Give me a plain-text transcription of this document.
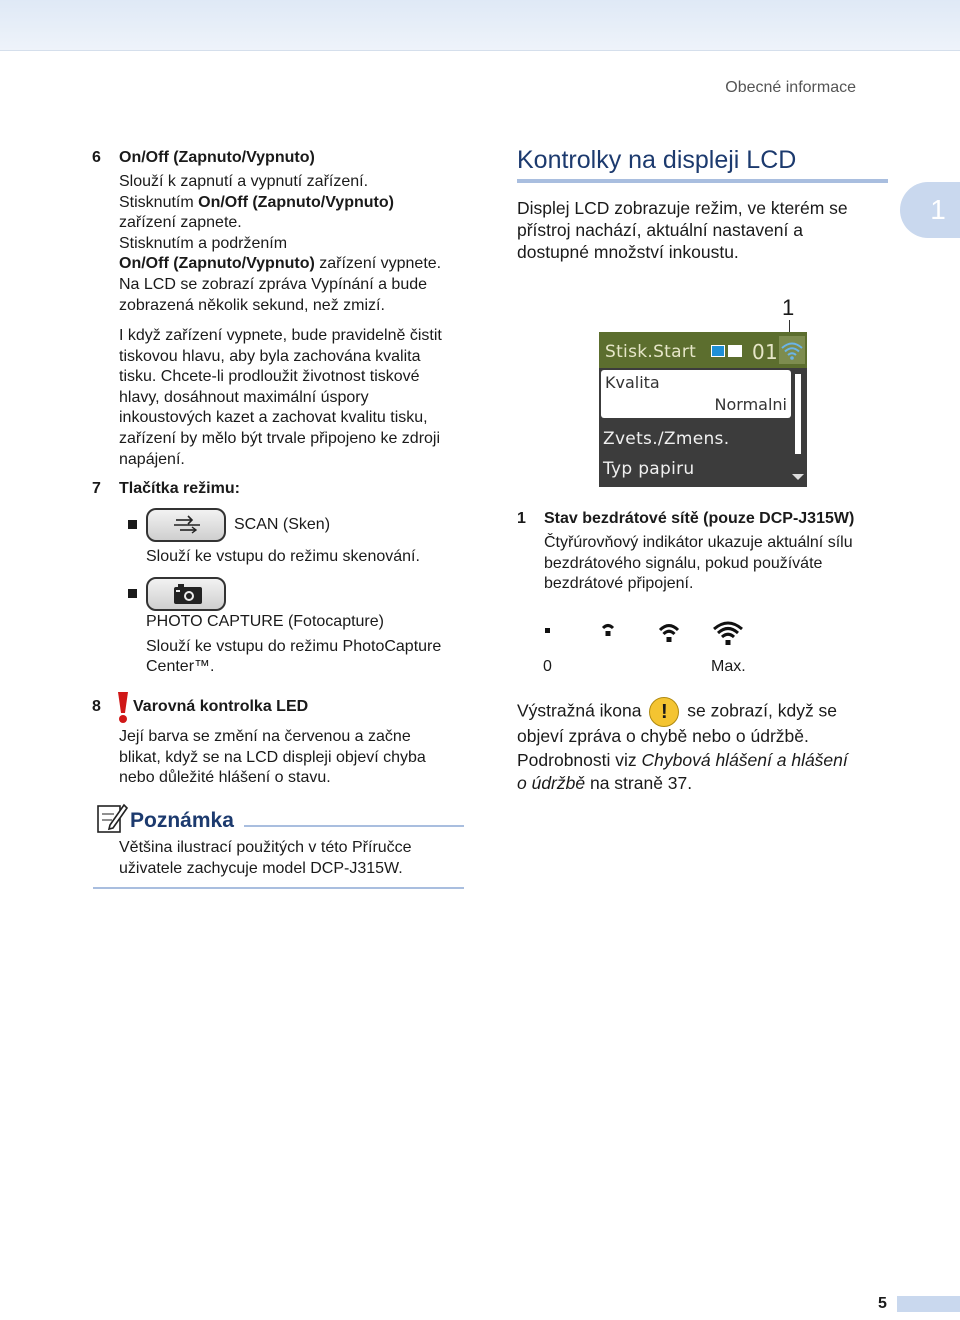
Obecné informace
1
6 On/Off (Zapnuto/Vypnuto)
Slouží k zapnutí a vypnutí zařízení.
Stisknutím On/Off (Zapnuto/Vypnuto)
zařízení zapnete.
Stisknutím a podržením
On/Off (Zapnuto/Vypnuto) zařízení vypnete.
Na LCD se zobrazí zpráva Vypínání a bude
zobrazená několik sekund, než zmizí.
I když zařízení vypnete, bude pravidelně čistit
tiskovou hlavu, aby byla zachována kvalita
tisku. Chcete-li prodloužit životnost tiskové
hlavy, dosáhnout maximální úspory
inkoustových kazet a zachovat kvalitu tisku,
zařízení by mělo být trvale připojeno ke zdroji
napájení.
7 Tlačítka režimu:
SCAN (Sken)
Slouží ke vstupu do režimu skenování.
PHOTO CAPTURE (Fotocapture)
Slouží ke vstupu do režimu PhotoCapture
Center™.
8 Varovná kontrolka LED
Její barva se změní na červenou a začne
blikat, když se na LCD displeji objeví chyba
nebo důležité hlášení o stavu.
Poznámka
Většina ilustrací použitých v této Příručce
uživatele zachycuje model DCP-J315W.
Kontrolky na displeji LCD
Displej LCD zobrazuje režim, ve kterém se
přístroj nachází, aktuální nastavení a
dostupné množství inkoustu.
1
Stisk.Start	01
Kvalita
Normalni
Zvets./Zmens.
Typ papiru
1 Stav bezdrátové sítě (pouze DCP-J315W)
Čtyřúrovňový indikátor ukazuje aktuální sílu
bezdrátového signálu, pokud používáte
bezdrátové připojení.
0	Max.
Výstražná ikona ! se zobrazí, když se
objeví zpráva o chybě nebo o údržbě.
Podrobnosti viz Chybová hlášení a hlášení
o údržbě na straně 37.
5
